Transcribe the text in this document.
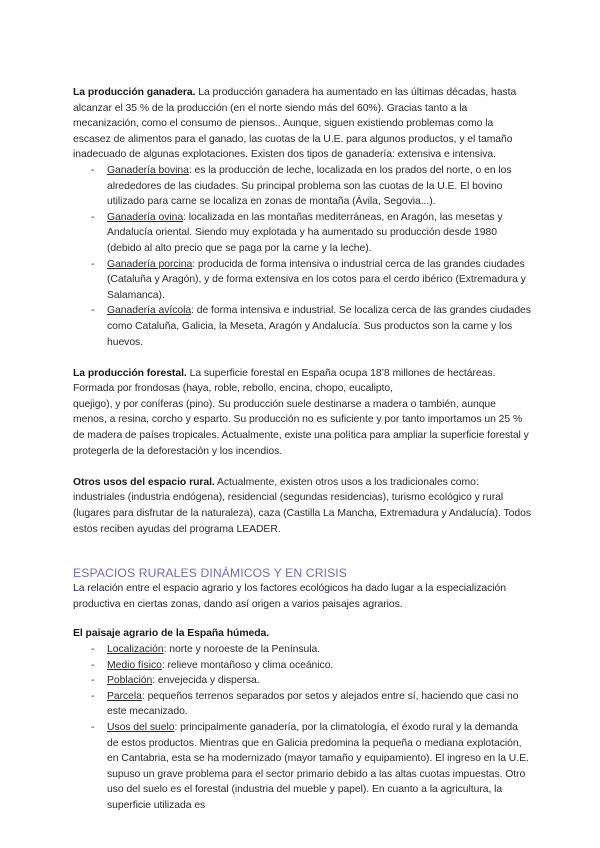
La producción ganadera. La producción ganadera ha aumentado en las últimas décadas, hasta alcanzar el 35 % de la producción (en el norte siendo más del 60%). Gracias tanto a la mecanización, como el consumo de piensos.. Aunque, siguen existiendo problemas como la escasez de alimentos para el ganado, las cuotas de la U.E. para algunos productos, y el tamaño inadecuado de algunas explotaciones. Existen dos tipos de ganadería: extensiva e intensiva.

- Ganadería bovina: es la producción de leche, localizada en los prados del norte, o en los alrededores de las ciudades. Su principal problema son las cuotas de la U.E. El bovino utilizado para carne se localiza en zonas de montaña (Ávila, Segovia...).
- Ganadería ovina: localizada en las montañas mediterráneas, en Aragón, las mesetas y Andalucía oriental. Siendo muy explotada y ha aumentado su producción desde 1980 (debido al alto precio que se paga por la carne y la leche).
- Ganadería porcina: producida de forma intensiva o industrial cerca de las grandes ciudades (Cataluña y Aragón), y de forma extensiva en los cotos para el cerdo ibérico (Extremadura y Salamanca).
- Ganadería avícola: de forma intensiva e industrial. Se localiza cerca de las grandes ciudades como Cataluña, Galicia, la Meseta, Aragón y Andalucía. Sus productos son la carne y los huevos.

La producción forestal. La superficie forestal en España ocupa 18’8 millones de hectáreas.
Formada por frondosas (haya, roble, rebollo, encina, chopo, eucalipto,
quejigo), y por coníferas (pino). Su producción suele destinarse a madera o también, aunque menos, a resina, corcho y esparto. Su producción no es suficiente y por tanto importamos un 25 % de madera de países tropicales. Actualmente, existe una política para ampliar la superficie forestal y protegerla de la deforestación y los incendios.

Otros usos del espacio rural. Actualmente, existen otros usos a los tradicionales como: industriales (industria endógena), residencial (segundas residencias), turismo ecológico y rural (lugares para disfrutar de la naturaleza), caza (Castilla La Mancha, Extremadura y Andalucía). Todos estos reciben ayudas del programa LEADER.

ESPACIOS RURALES DINÁMICOS Y EN CRISIS

La relación entre el espacio agrario y los factores ecológicos ha dado lugar a la especialización productiva en ciertas zonas, dando así origen a varios paisajes agrarios.

El paisaje agrario de la España húmeda.

- Localización: norte y noroeste de la Península.
- Medio físico: relieve montañoso y clima oceánico.
- Población: envejecida y dispersa.
- Parcela: pequeños terrenos separados por setos y alejados entre sí, haciendo que casi no este mecanizado.
- Usos del suelo: principalmente ganadería, por la climatología, el éxodo rural y la demanda de estos productos. Mientras que en Galicia predomina la pequeña o mediana explotación, en Cantabria, esta se ha modernizado (mayor tamaño y equipamiento). El ingreso en la U.E. supuso un grave problema para el sector primario debido a las altas cuotas impuestas. Otro uso del suelo es el forestal (industria del mueble y papel). En cuanto a la agricultura, la superficie utilizada es
